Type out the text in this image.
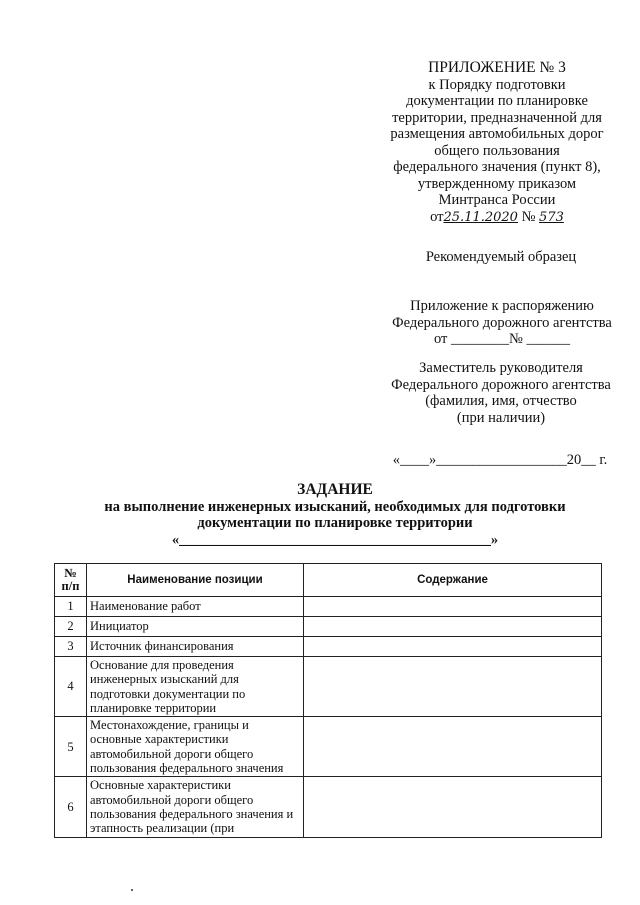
ПРИЛОЖЕНИЕ № 3
к Порядку подготовки
документации по планировке
территории, предназначенной для
размещения автомобильных дорог
общего пользования
федерального значения (пункт 8),
утвержденному приказом
Минтранса России
от25.11.2020 № 573
Рекомендуемый образец
Приложение к распоряжению
Федерального дорожного агентства
от ________№ ______
Заместитель руководителя
Федерального дорожного агентства
(фамилия, имя, отчество
(при наличии)
«____»__________________20__ г.
ЗАДАНИЕ
на выполнение инженерных изысканий, необходимых для подготовки
документации по планировке территории
«___________________________________________»
№ п/п	Наименование позиции	Содержание
1	Наименование работ	
2	Инициатор	
3	Источник финансирования	
4	Основание для проведения инженерных изысканий для подготовки документации по планировке территории	
5	Местонахождение, границы и основные характеристики автомобильной дороги общего пользования федерального значения	
6	Основные характеристики автомобильной дороги общего пользования федерального значения и этапность реализации (при	
